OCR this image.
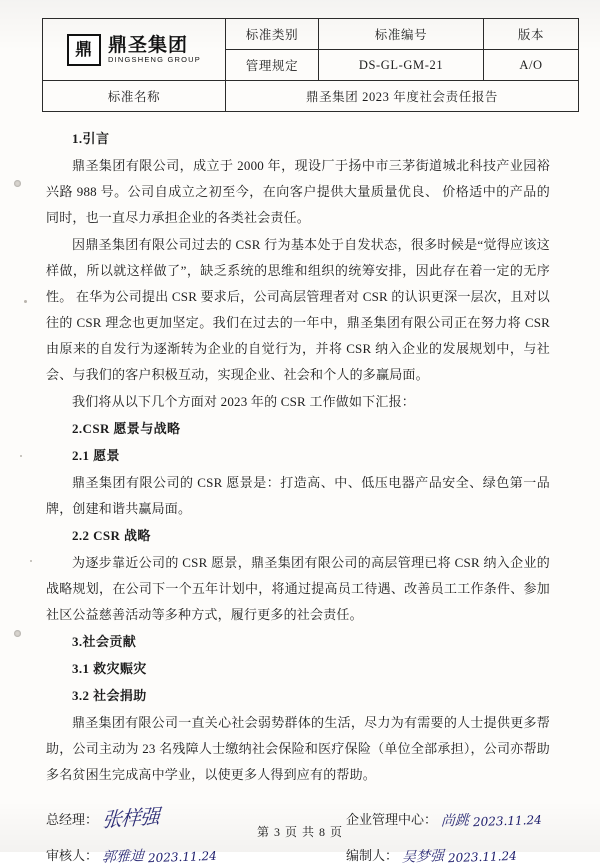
鼎 鼎圣集团
DINGSHENG GROUP	标准类别	标准编号	版本
	管理规定	DS-GL-GM-21	A/O
标准名称	鼎圣集团 2023 年度社会责任报告		
1.引言
鼎圣集团有限公司，成立于 2000 年，现设厂于扬中市三茅街道城北科技产业园裕兴路 988 号。公司自成立之初至今，在向客户提供大量质量优良、 价格适中的产品的同时，也一直尽力承担企业的各类社会责任。
因鼎圣集团有限公司过去的 CSR 行为基本处于自发状态，很多时候是“觉得应该这样做，所以就这样做了”，缺乏系统的思维和组织的统筹安排，因此存在着一定的无序性。 在华为公司提出 CSR 要求后，公司高层管理者对 CSR 的认识更深一层次，且对以往的 CSR 理念也更加坚定。我们在过去的一年中，鼎圣集团有限公司正在努力将 CSR 由原来的自发行为逐渐转为企业的自觉行为，并将 CSR 纳入企业的发展规划中，与社会、与我们的客户积极互动，实现企业、社会和个人的多赢局面。
我们将从以下几个方面对 2023 年的 CSR 工作做如下汇报：
2.CSR 愿景与战略
2.1 愿景
鼎圣集团有限公司的 CSR 愿景是：打造高、中、低压电器产品安全、绿色第一品牌，创建和谐共赢局面。
2.2 CSR 战略
为逐步靠近公司的 CSR 愿景，鼎圣集团有限公司的高层管理已将 CSR 纳入企业的战略规划，在公司下一个五年计划中，将通过提高员工待遇、改善员工工作条件、参加社区公益慈善活动等多种方式，履行更多的社会责任。
3.社会贡献
3.1 救灾赈灾
3.2 社会捐助
鼎圣集团有限公司一直关心社会弱势群体的生活，尽力为有需要的人士提供更多帮助，公司主动为 23 名残障人士缴纳社会保险和医疗保险（单位全部承担），公司亦帮助多名贫困生完成高中学业，以使更多人得到应有的帮助。
总经理： 张样强	企业管理中心： 尚跳 2023.11.24
审核人： 郭雅迪 2023.11.24	编制人： 吴梦强 2023.11.24
第 3 页 共 8 页
